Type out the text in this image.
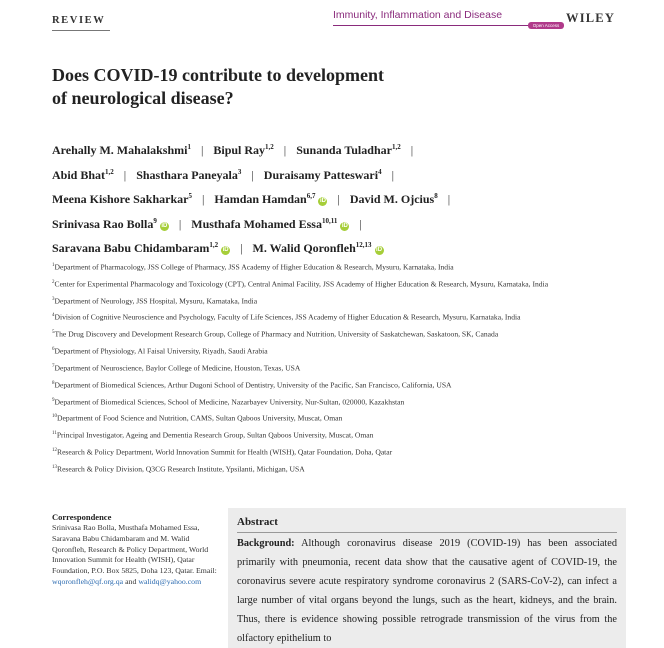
REVIEW	Immunity, Inflammation and Disease
Open Access
WILEY
Does COVID-19 contribute to development
of neurological disease?
Arehally M. Mahalakshmi$^1$ | Bipul Ray$^{1,2}$ | Sunanda Tuladhar$^{1,2}$ |
Abid Bhat$^{1,2}$ | Shasthara Paneyala$^3$ | Duraisamy Patteswari$^4$ |
Meena Kishore Sakharkar$^5$ | Hamdan Hamdan$^{6,7}$iD | David M. Ojcius$^8$ |
Srinivasa Rao Bolla$^9$iD | Musthafa Mohamed Essa$^{10,11}$iD |
Saravana Babu Chidambaram$^{1,2}$iD | M. Walid Qoronfleh$^{12,13}$iD
$^1$Department of Pharmacology, JSS College of Pharmacy, JSS Academy of Higher Education & Research, Mysuru, Karnataka, India
$^2$Center for Experimental Pharmacology and Toxicology (CPT), Central Animal Facility, JSS Academy of Higher Education & Research, Mysuru, Karnataka, India
$^3$Department of Neurology, JSS Hospital, Mysuru, Karnataka, India
$^4$Division of Cognitive Neuroscience and Psychology, Faculty of Life Sciences, JSS Academy of Higher Education & Research, Mysuru, Karnataka, India
$^5$The Drug Discovery and Development Research Group, College of Pharmacy and Nutrition, University of Saskatchewan, Saskatoon, SK, Canada
$^6$Department of Physiology, Al Faisal University, Riyadh, Saudi Arabia
$^7$Department of Neuroscience, Baylor College of Medicine, Houston, Texas, USA
$^8$Department of Biomedical Sciences, Arthur Dugoni School of Dentistry, University of the Pacific, San Francisco, California, USA
$^9$Department of Biomedical Sciences, School of Medicine, Nazarbayev University, Nur-Sultan, 020000, Kazakhstan
$^{10}$Department of Food Science and Nutrition, CAMS, Sultan Qaboos University, Muscat, Oman
$^{11}$Principal Investigator, Ageing and Dementia Research Group, Sultan Qaboos University, Muscat, Oman
$^{12}$Research & Policy Department, World Innovation Summit for Health (WISH), Qatar Foundation, Doha, Qatar
$^{13}$Research & Policy Division, Q3CG Research Institute, Ypsilanti, Michigan, USA
Correspondence
Srinivasa Rao Bolla, Musthafa Mohamed Essa, Saravana Babu Chidambaram and M. Walid Qoronfleh, Research & Policy Department, World Innovation Summit for Health (WISH), Qatar Foundation, P.O. Box 5825, Doha 123, Qatar. Email: wqoronfleh@qf.org.qa and walidq@yahoo.com
Abstract
Background: Although coronavirus disease 2019 (COVID-19) has been associated primarily with pneumonia, recent data show that the causative agent of COVID-19, the coronavirus severe acute respiratory syndrome coronavirus 2 (SARS-CoV-2), can infect a large number of vital organs beyond the lungs, such as the heart, kidneys, and the brain. Thus, there is evidence showing possible retrograde transmission of the virus from the olfactory epithelium to
